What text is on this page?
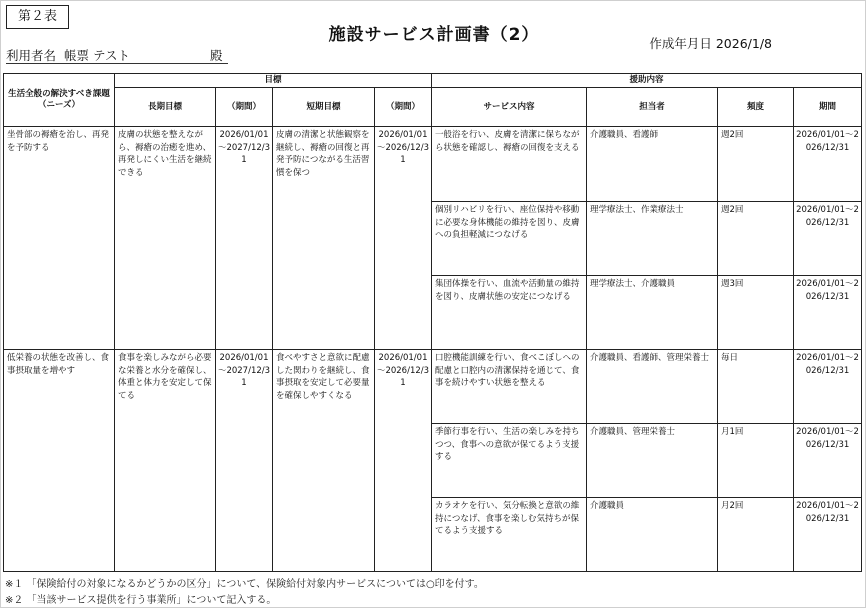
第２表
施設サービス計画書（2）	作成年月日 2026/1/8
利用者名 帳票 テスト	殿
生活全般の解決すべき課題（ニーズ）	目標				援助内容			
	長期目標	（期間）	短期目標	（期間）	サービス内容	担当者	頻度	期間
坐骨部の褥瘡を治し、再発を予防する	皮膚の状態を整えながら、褥瘡の治癒を進め、再発しにくい生活を継続できる	2026/01/01～2027/12/31	皮膚の清潔と状態観察を継続し、褥瘡の回復と再発予防につながる生活習慣を保つ	2026/01/01～2026/12/31	一般浴を行い、皮膚を清潔に保ちながら状態を確認し、褥瘡の回復を支える	介護職員、看護師	週2回	2026/01/01～2026/12/31
					個別リハビリを行い、座位保持や移動に必要な身体機能の維持を図り、皮膚への負担軽減につなげる	理学療法士、作業療法士	週2回	2026/01/01～2026/12/31
					集団体操を行い、血流や活動量の維持を図り、皮膚状態の安定につなげる	理学療法士、介護職員	週3回	2026/01/01～2026/12/31
低栄養の状態を改善し、食事摂取量を増やす	食事を楽しみながら必要な栄養と水分を確保し、体重と体力を安定して保てる	2026/01/01～2027/12/31	食べやすさと意欲に配慮した関わりを継続し、食事摂取を安定して必要量を確保しやすくなる	2026/01/01～2026/12/31	口腔機能訓練を行い、食べこぼしへの配慮と口腔内の清潔保持を通じて、食事を続けやすい状態を整える	介護職員、看護師、管理栄養士	毎日	2026/01/01～2026/12/31
					季節行事を行い、生活の楽しみを持ちつつ、食事への意欲が保てるよう支援する	介護職員、管理栄養士	月1回	2026/01/01～2026/12/31
					カラオケを行い、気分転換と意欲の維持につなげ、食事を楽しむ気持ちが保てるよう支援する	介護職員	月2回	2026/01/01～2026/12/31
※１ 「保険給付の対象になるかどうかの区分」について、保険給付対象内サービスについては○印を付す。
※２ 「当該サービス提供を行う事業所」について記入する。
